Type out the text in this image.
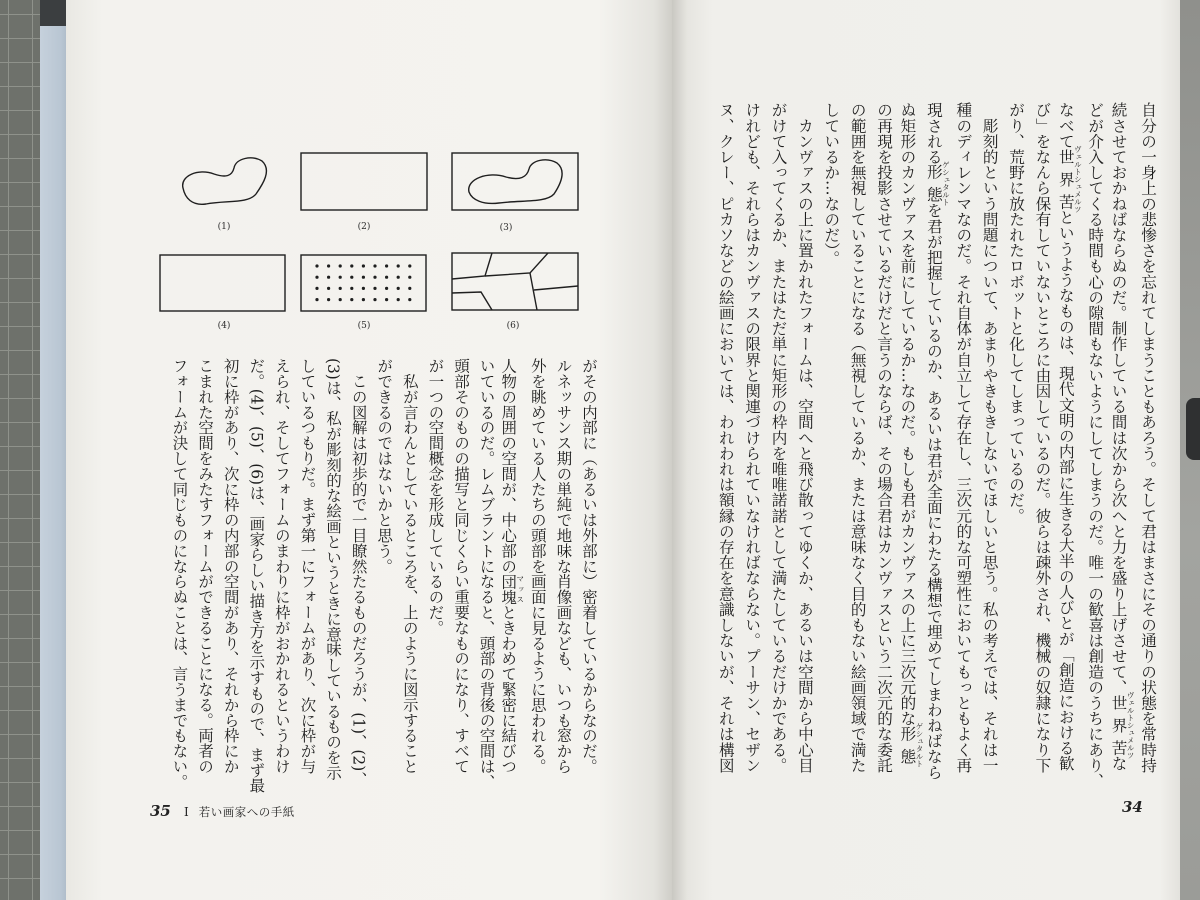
(1)	(2)	(3)
(4)	(5)	(6)
がその内部に（あるいは外部に）密着しているからなのだ。
ルネッサンス期の単純で地味な肖像画なども、いつも窓から
外を眺めている人たちの頭部を画面に見るように思われる。
人物の周囲の空間が、中心部の団塊マッスときわめて緊密に結びつ
いているのだ。レムブラントになると、頭部の背後の空間は、
頭部そのものの描写と同じくらい重要なものになり、すべて
が一つの空間概念を形成しているのだ。
　私が言わんとしているところを、上のように図示すること
ができるのではないかと思う。
　この図解は初歩的で一目瞭然たるものだろうが、(1)、(2)、
(3)は、私が彫刻的な絵画というときに意味しているものを示
しているつもりだ。まず第一にフォームがあり、次に枠が与
えられ、そしてフォームのまわりに枠がおかれるというわけ
だ。(4)、(5)、(6)は、画家らしい描き方を示すもので、まず最
初に枠があり、次に枠の内部の空間があり、それから枠にか
こまれた空間をみたすフォームができることになる。両者の
フォームが決して同じものにならぬことは、言うまでもない。
35 I 若い画家への手紙
自分の一身上の悲惨さを忘れてしまうこともあろう。そして君はまさにその通りの状態を常時持
続させておかねばならぬのだ。制作している間は次から次へと力を盛り上げさせて、世界苦ヴェルトシュメルツな
どが介入してくる時間も心の隙間もないようにしてしまうのだ。唯一の歓喜は創造のうちにあり、
なべて世界苦ヴェルトシュメルツというようなものは、現代文明の内部に生きる大半の人びとが「創造における歓
び」をなんら保有していないところに由因しているのだ。彼らは疎外され、機械の奴隷になり下
がり、荒野に放たれたロボットと化してしまっているのだ。
　彫刻的という問題について、あまりやきもきしないでほしいと思う。私の考えでは、それは一
種のディレンマなのだ。それ自体が自立して存在し、三次元的な可塑性においてもっともよく再
現される形態ゲシュタルトを君が把握しているのか、あるいは君が全面にわたる構想で埋めてしまわねばなら
ぬ矩形のカンヴァスを前にしているか…なのだ。もしも君がカンヴァスの上に三次元的な形態ゲシュタルト
の再現を投影させているだけだと言うのならば、その場合君はカンヴァスという二次元的な委託
の範囲を無視していることになる（無視しているか、または意味なく目的もない絵画領域で満た
しているか…なのだ）。
　カンヴァスの上に置かれたフォームは、空間へと飛び散ってゆくか、あるいは空間から中心目
がけて入ってくるか、またはただ単に矩形の枠内を唯唯諾諾として満たしているだけかである。
けれども、それらはカンヴァスの限界と関連づけられていなければならない。プーサン、セザン
ヌ、クレー、ピカソなどの絵画においては、われわれは額縁の存在を意識しないが、それは構図
34
